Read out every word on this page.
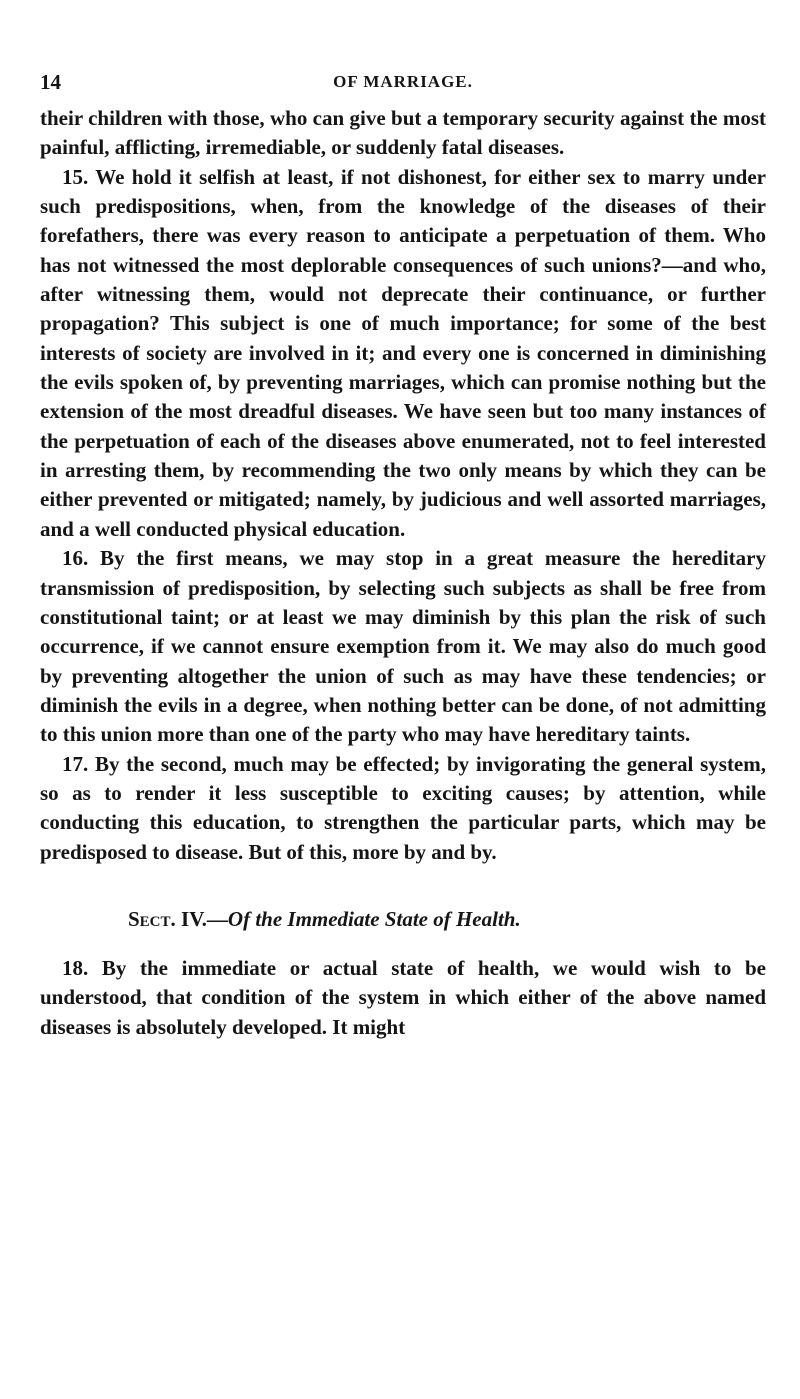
14	OF MARRIAGE.

their children with those, who can give but a temporary security against the most painful, afflicting, irremediable, or suddenly fatal diseases.

15. We hold it selfish at least, if not dishonest, for either sex to marry under such predispositions, when, from the knowledge of the diseases of their forefathers, there was every reason to anticipate a perpetuation of them. Who has not witnessed the most deplorable consequences of such unions?—and who, after witnessing them, would not deprecate their continuance, or further propagation? This subject is one of much importance; for some of the best interests of society are involved in it; and every one is concerned in diminishing the evils spoken of, by preventing marriages, which can promise nothing but the extension of the most dreadful diseases. We have seen but too many instances of the perpetuation of each of the diseases above enumerated, not to feel interested in arresting them, by recommending the two only means by which they can be either prevented or mitigated; namely, by judicious and well assorted marriages, and a well conducted physical education.

16. By the first means, we may stop in a great measure the hereditary transmission of predisposition, by selecting such subjects as shall be free from constitutional taint; or at least we may diminish by this plan the risk of such occurrence, if we cannot ensure exemption from it. We may also do much good by preventing altogether the union of such as may have these tendencies; or diminish the evils in a degree, when nothing better can be done, of not admitting to this union more than one of the party who may have hereditary taints.

17. By the second, much may be effected; by invigorating the general system, so as to render it less susceptible to exciting causes; by attention, while conducting this education, to strengthen the particular parts, which may be predisposed to disease. But of this, more by and by.

Sect. IV.—Of the Immediate State of Health.

18. By the immediate or actual state of health, we would wish to be understood, that condition of the system in which either of the above named diseases is absolutely developed. It might
